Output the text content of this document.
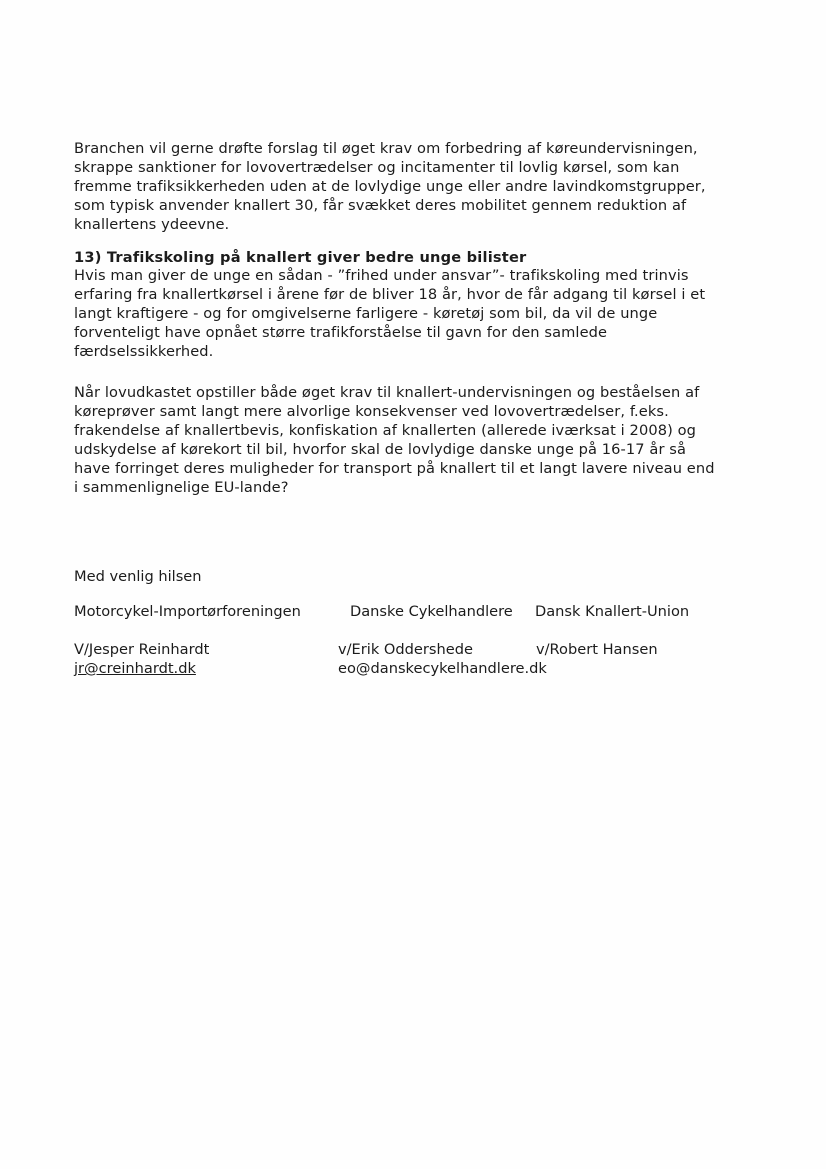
Branchen vil gerne drøfte forslag til øget krav om forbedring af køreundervisningen,
skrappe sanktioner for lovovertrædelser og incitamenter til lovlig kørsel, som kan
fremme trafiksikkerheden uden at de lovlydige unge eller andre lavindkomstgrupper,
som typisk anvender knallert 30, får svækket deres mobilitet gennem reduktion af
knallertens ydeevne.
13) Trafikskoling på knallert giver bedre unge bilister
Hvis man giver de unge en sådan - ”frihed under ansvar”- trafikskoling med trinvis
erfaring fra knallertkørsel i årene før de bliver 18 år, hvor de får adgang til kørsel i et
langt kraftigere - og for omgivelserne farligere - køretøj som bil, da vil de unge
forventeligt have opnået større trafikforståelse til gavn for den samlede
færdselssikkerhed.
Når lovudkastet opstiller både øget krav til knallert-undervisningen og beståelsen af
køreprøver samt langt mere alvorlige konsekvenser ved lovovertrædelser, f.eks.
frakendelse af knallertbevis, konfiskation af knallerten (allerede iværksat i 2008) og
udskydelse af kørekort til bil, hvorfor skal de lovlydige danske unge på 16-17 år så
have forringet deres muligheder for transport på knallert til et langt lavere niveau end
i sammenlignelige EU-lande?
Med venlig hilsen
Motorcykel-Importørforeningen	Danske Cykelhandlere Dansk Knallert-Union
V/Jesper Reinhardt
jr@creinhardt.dk
v/Erik Oddershede
eo@danskecykelhandlere.dk
v/Robert Hansen
